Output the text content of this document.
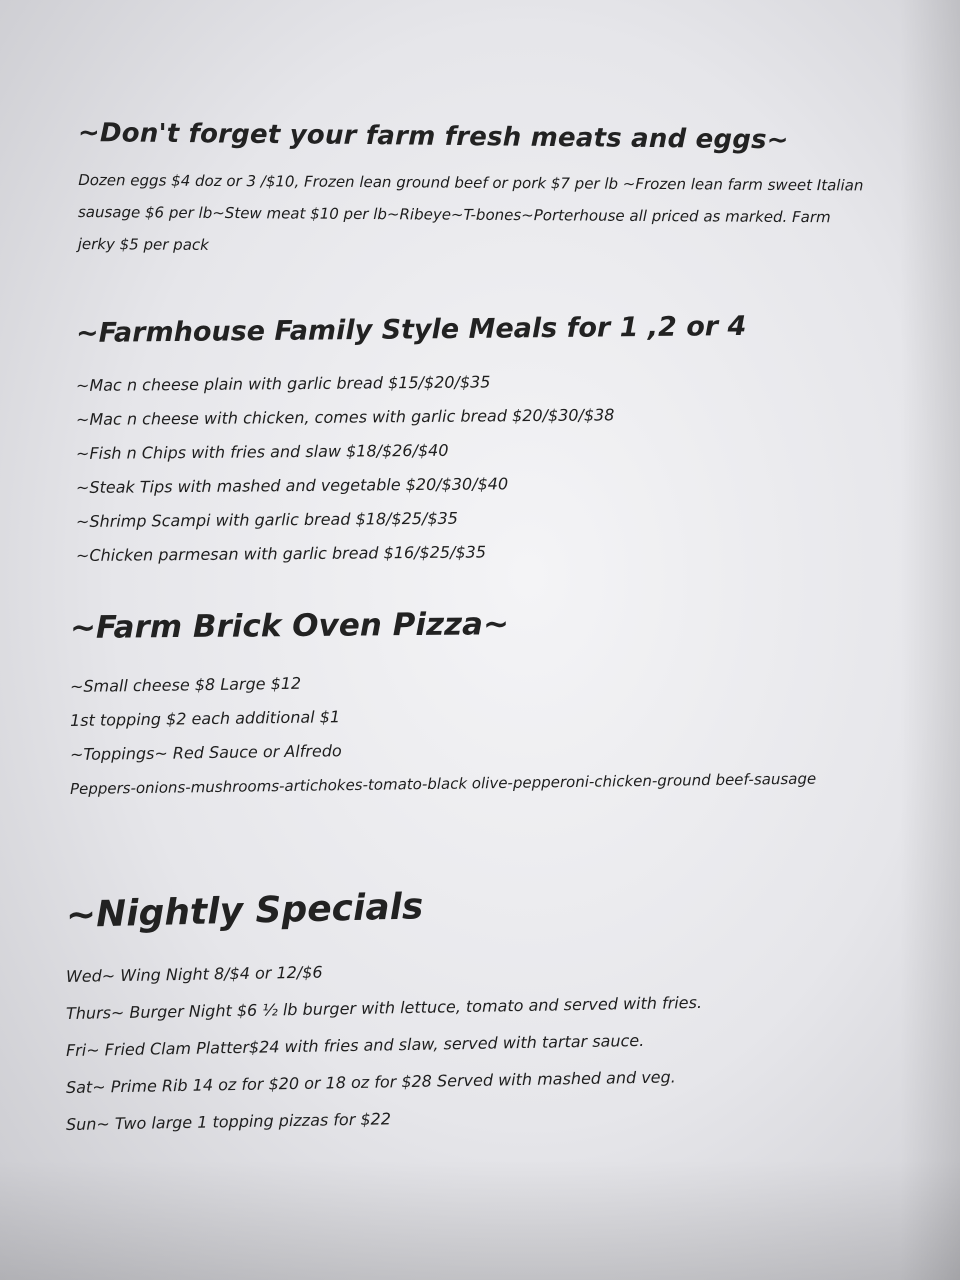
~Don't forget your farm fresh meats and eggs~

Dozen eggs $4 doz or 3 /$10, Frozen lean ground beef or pork $7 per lb ~Frozen lean farm sweet Italian sausage $6 per lb~Stew meat $10 per lb~Ribeye~T-bones~Porterhouse all priced as marked. Farm jerky $5 per pack

~Farmhouse Family Style Meals for 1 ,2 or 4

~Mac n cheese plain with garlic bread $15/$20/$35

~Mac n cheese with chicken, comes with garlic bread $20/$30/$38

~Fish n Chips with fries and slaw $18/$26/$40

~Steak Tips with mashed and vegetable $20/$30/$40

~Shrimp Scampi with garlic bread $18/$25/$35

~Chicken parmesan with garlic bread $16/$25/$35

~Farm Brick Oven Pizza~

~Small cheese $8 Large $12

1st topping $2 each additional $1

~Toppings~ Red Sauce or Alfredo

Peppers-onions-mushrooms-artichokes-tomato-black olive-pepperoni-chicken-ground beef-sausage

~Nightly Specials

Wed~ Wing Night 8/$4 or 12/$6

Thurs~ Burger Night $6 ½ lb burger with lettuce, tomato and served with fries.

Fri~ Fried Clam Platter$24 with fries and slaw, served with tartar sauce.

Sat~ Prime Rib 14 oz for $20 or 18 oz for $28 Served with mashed and veg.

Sun~ Two large 1 topping pizzas for $22
